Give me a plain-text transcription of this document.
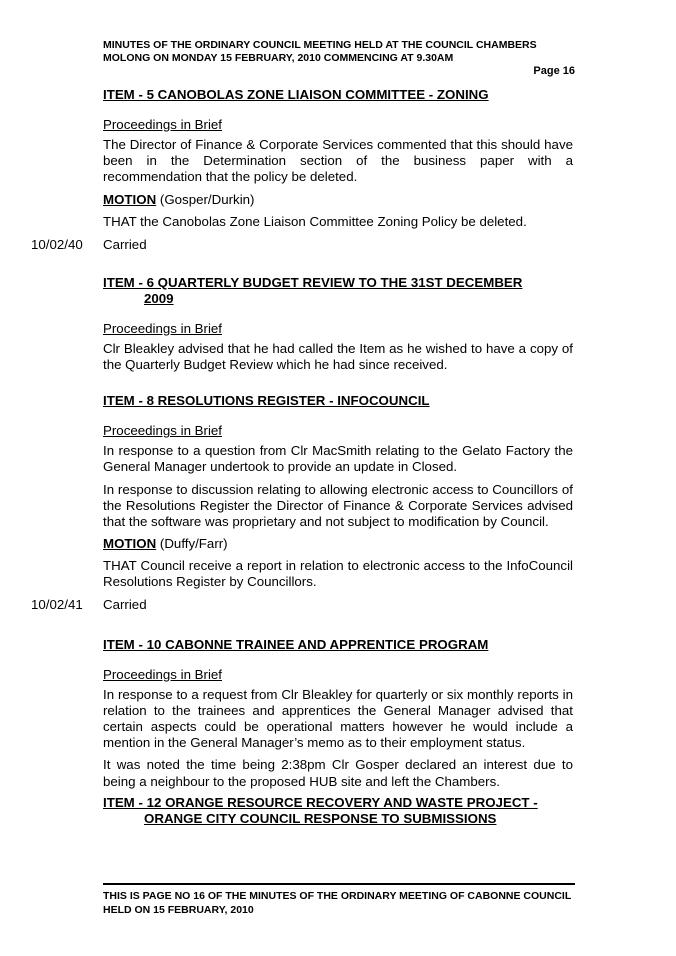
MINUTES OF THE ORDINARY COUNCIL MEETING HELD AT THE COUNCIL CHAMBERS MOLONG ON MONDAY 15 FEBRUARY, 2010 COMMENCING AT 9.30AM
Page 16

ITEM - 5 CANOBOLAS ZONE LIAISON COMMITTEE - ZONING

Proceedings in Brief

The Director of Finance & Corporate Services commented that this should have been in the Determination section of the business paper with a recommendation that the policy be deleted.

MOTION (Gosper/Durkin)

THAT the Canobolas Zone Liaison Committee Zoning Policy be deleted.

10/02/40 Carried

ITEM - 6 QUARTERLY BUDGET REVIEW TO THE 31ST DECEMBER
2009

Proceedings in Brief

Clr Bleakley advised that he had called the Item as he wished to have a copy of the Quarterly Budget Review which he had since received.

ITEM - 8 RESOLUTIONS REGISTER - INFOCOUNCIL

Proceedings in Brief

In response to a question from Clr MacSmith relating to the Gelato Factory the General Manager undertook to provide an update in Closed.

In response to discussion relating to allowing electronic access to Councillors of the Resolutions Register the Director of Finance & Corporate Services advised that the software was proprietary and not subject to modification by Council.

MOTION (Duffy/Farr)

THAT Council receive a report in relation to electronic access to the InfoCouncil Resolutions Register by Councillors.

10/02/41 Carried

ITEM - 10 CABONNE TRAINEE AND APPRENTICE PROGRAM

Proceedings in Brief

In response to a request from Clr Bleakley for quarterly or six monthly reports in relation to the trainees and apprentices the General Manager advised that certain aspects could be operational matters however he would include a mention in the General Manager’s memo as to their employment status.

It was noted the time being 2:38pm Clr Gosper declared an interest due to being a neighbour to the proposed HUB site and left the Chambers.

ITEM - 12 ORANGE RESOURCE RECOVERY AND WASTE PROJECT -
ORANGE CITY COUNCIL RESPONSE TO SUBMISSIONS

THIS IS PAGE NO 16 OF THE MINUTES OF THE ORDINARY MEETING OF CABONNE COUNCIL HELD ON 15 FEBRUARY, 2010
